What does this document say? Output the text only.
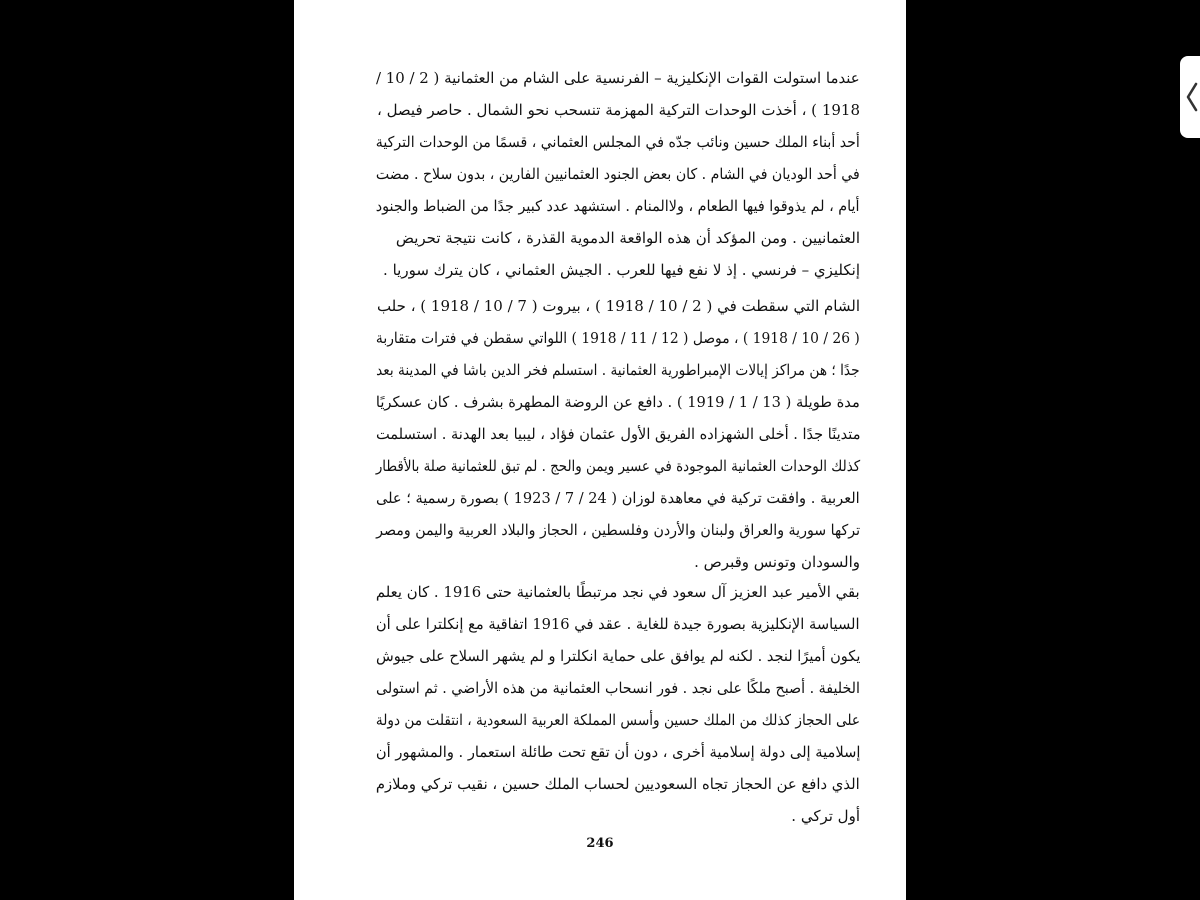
عندما استولت القوات الإنكليزية – الفرنسية على الشام من العثمانية ( 2 / 10 /
1918 ) ، أخذت الوحدات التركية المهزمة تنسحب نحو الشمال . حاصر فيصل ،
أحد أبناء الملك حسين ونائب جدّه في المجلس العثماني ، قسمًا من الوحدات التركية
في أحد الوديان في الشام . كان بعض الجنود العثمانيين الفارين ، بدون سلاح . مضت
أيام ، لم يذوقوا فيها الطعام ، ولاالمنام . استشهد عدد كبير جدًا من الضباط والجنود
العثمانيين . ومن المؤكد أن هذه الواقعة الدموية القذرة ، كانت نتيجة تحريض
إنكليزي – فرنسي . إذ لا نفع فيها للعرب . الجيش العثماني ، كان يترك سوريا .
الشام التي سقطت في ( 2 / 10 / 1918 ) ، بيروت ( 7 / 10 / 1918 ) ، حلب
( 26 / 10 / 1918 ) ، موصل ( 12 / 11 / 1918 ) اللواتي سقطن في فترات متقاربة
جدًا ؛ هن مراكز إيالات الإمبراطورية العثمانية . استسلم فخر الدين باشا في المدينة بعد
مدة طويلة ( 13 / 1 / 1919 ) . دافع عن الروضة المطهرة بشرف . كان عسكريًا
متدينًا جدًا . أخلى الشهزاده الفريق الأول عثمان فؤاد ، ليبيا بعد الهدنة . استسلمت
كذلك الوحدات العثمانية الموجودة في عسير ويمن والحج . لم تبق للعثمانية صلة بالأقطار
العربية . وافقت تركية في معاهدة لوزان ( 24 / 7 / 1923 ) بصورة رسمية ؛ على
تركها سورية والعراق ولبنان والأردن وفلسطين ، الحجاز والبلاد العربية واليمن ومصر
والسودان وتونس وقبرص .
بقي الأمير عبد العزيز آل سعود في نجد مرتبطًا بالعثمانية حتى 1916 . كان يعلم
السياسة الإنكليزية بصورة جيدة للغاية . عقد في 1916 اتفاقية مع إنكلترا على أن
يكون أميرًا لنجد . لكنه لم يوافق على حماية انكلترا و لم يشهر السلاح على جيوش
الخليفة . أصبح ملكًا على نجد . فور انسحاب العثمانية من هذه الأراضي . ثم استولى
على الحجاز كذلك من الملك حسين وأسس المملكة العربية السعودية ، انتقلت من دولة
إسلامية إلى دولة إسلامية أخرى ، دون أن تقع تحت طائلة استعمار . والمشهور أن
الذي دافع عن الحجاز تجاه السعوديين لحساب الملك حسين ، نقيب تركي وملازم
أول تركي .
246
